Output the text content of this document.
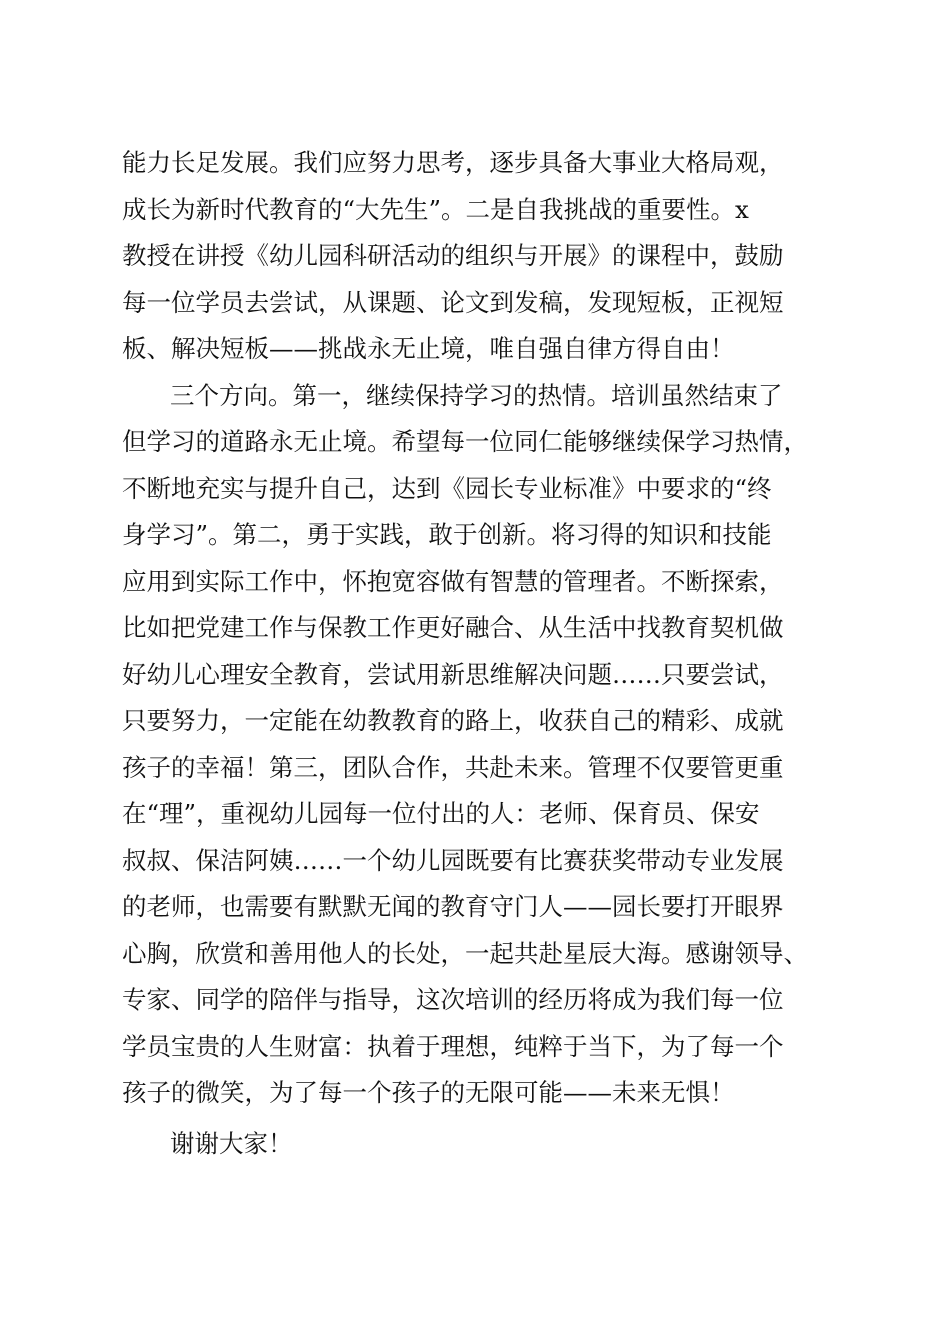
能力长足发展。我们应努力思考，逐步具备大事业大格局观，
成长为新时代教育的“大先生”。二是自我挑战的重要性。x
教授在讲授《幼儿园科研活动的组织与开展》的课程中，鼓励
每一位学员去尝试，从课题、论文到发稿，发现短板，正视短
板、解决短板——挑战永无止境，唯自强自律方得自由！
三个方向。第一，继续保持学习的热情。培训虽然结束了
但学习的道路永无止境。希望每一位同仁能够继续保学习热情，
不断地充实与提升自己，达到《园长专业标准》中要求的“终
身学习”。第二，勇于实践，敢于创新。将习得的知识和技能
应用到实际工作中，怀抱宽容做有智慧的管理者。不断探索，
比如把党建工作与保教工作更好融合、从生活中找教育契机做
好幼儿心理安全教育，尝试用新思维解决问题……只要尝试，
只要努力，一定能在幼教教育的路上，收获自己的精彩、成就
孩子的幸福！第三，团队合作，共赴未来。管理不仅要管更重
在“理”，重视幼儿园每一位付出的人：老师、保育员、保安
叔叔、保洁阿姨……一个幼儿园既要有比赛获奖带动专业发展
的老师，也需要有默默无闻的教育守门人——园长要打开眼界
心胸，欣赏和善用他人的长处，一起共赴星辰大海。感谢领导、
专家、同学的陪伴与指导，这次培训的经历将成为我们每一位
学员宝贵的人生财富：执着于理想，纯粹于当下，为了每一个
孩子的微笑，为了每一个孩子的无限可能——未来无惧！
谢谢大家！
